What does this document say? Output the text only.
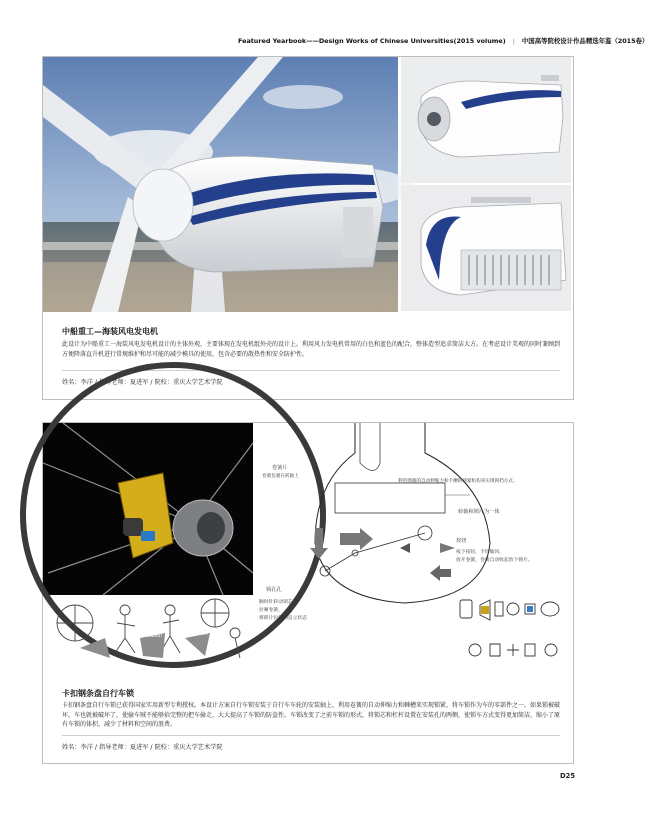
Featured Yearbook——Design Works of Chinese Universities(2015 volume) | 中国高等院校设计作品精选年鉴（2015卷）
中船重工—海装风电发电机
此设计为中船重工一海装风电发电机设计的主体外观，主要体现在发电机组外壳的设计上。利用风力发电机常用的白色和蓝色的配合，整体造型追求简洁大方。在考虑设计美观的同时兼顾到方便降落直升机进行常规维护和尽可能的减少模具的使用，包含必要的散热性和安全防护性。
姓名：李洋 / 指导老师：夏进军 / 院校：重庆大学艺术学院
卷簧片
卷簧包裹在转轴上
利用弹簧的自动伸缩力和卡槽的锁紧机构来实现锁档方式。
转轴和锁片为一体
按钮
按下按钮，卡针缩回，
放开卷簧，卷簧自动收起放下锁片。
锁孔孔
顺时针转动锁芯，
拉紧卷簧，
将锁片拉起到直立状态
Find
Taken!	Sure!
卡扣钢条盘自行车锁
卡扣钢条盘自行车锁已获得国家实用新型专利授权。本设计方案自行车锁安装于自行车车轮的安装轴上，利用卷簧的自动伸缩力和棘槽来实现锁紧，将车锁作为车的零部件之一。如果锁被破坏，车也就被破坏了，使偷车贼不能够拾完整的把车偷走，大大提高了车锁的防盗性。车锁改变了之前车锁的形式，将锁芯和杠杆设置在安装孔的两侧，使锁车方式变得更加简洁，缩小了原有车锁的体积，减少了材料和空间的浪费。
姓名：李洋 / 指导老师：夏进军 / 院校：重庆大学艺术学院
D25
